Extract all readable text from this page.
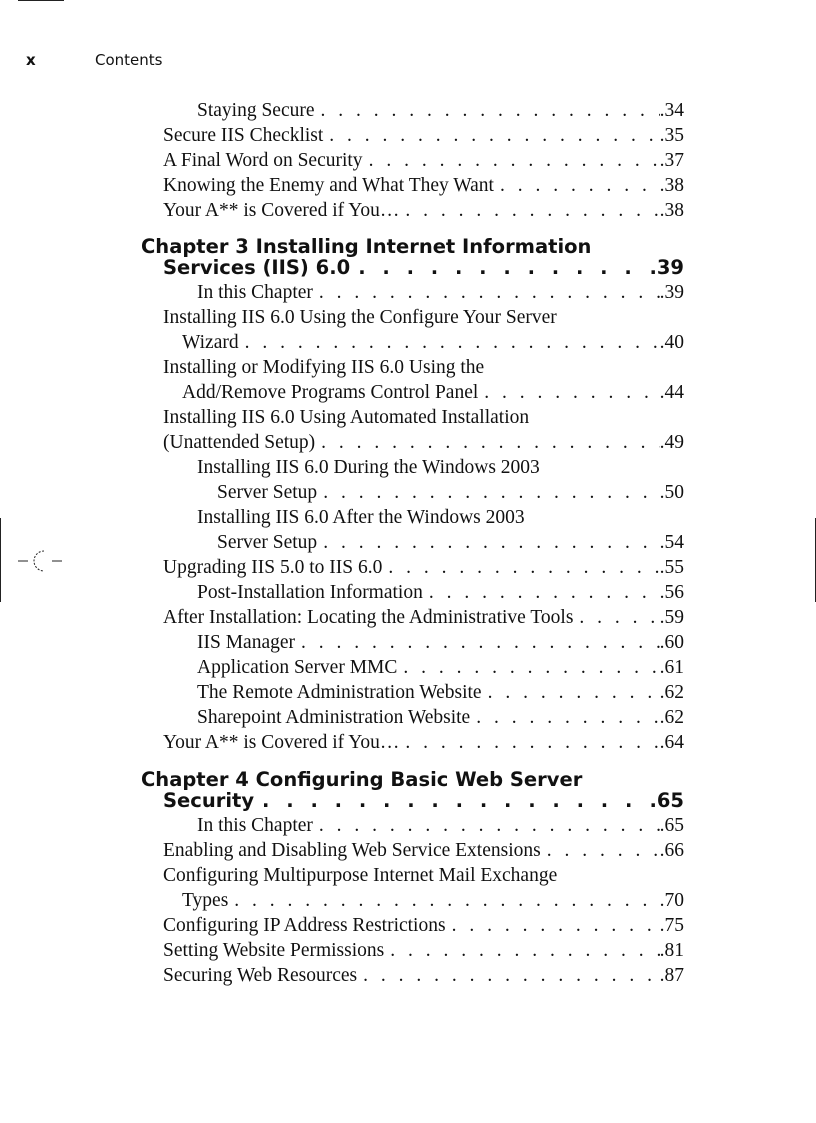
x	Contents
Staying Secure . . .	.34
Secure IIS Checklist . . .	.35
A Final Word on Security . . .	.37
Knowing the Enemy and What They Want . . .	.38
Your A** is Covered if You… . . .	.38
Chapter 3 Installing Internet Information
Services (IIS) 6.0 . . .	.39
In this Chapter . . .	.39
Installing IIS 6.0 Using the Configure Your Server
Wizard . . .	.40
Installing or Modifying IIS 6.0 Using the
Add/Remove Programs Control Panel . . .	.44
Installing IIS 6.0 Using Automated Installation
(Unattended Setup) . . .	.49
Installing IIS 6.0 During the Windows 2003
Server Setup . . .	.50
Installing IIS 6.0 After the Windows 2003
Server Setup . . .	.54
Upgrading IIS 5.0 to IIS 6.0 . . .	.55
Post-Installation Information . . .	.56
After Installation: Locating the Administrative Tools . . .	.59
IIS Manager . . .	.60
Application Server MMC . . .	.61
The Remote Administration Website . . .	.62
Sharepoint Administration Website . . .	.62
Your A** is Covered if You… . . .	.64
Chapter 4 Configuring Basic Web Server
Security . . .	.65
In this Chapter . . .	.65
Enabling and Disabling Web Service Extensions . . .	.66
Configuring Multipurpose Internet Mail Exchange
Types . . .	.70
Configuring IP Address Restrictions . . .	.75
Setting Website Permissions . . .	.81
Securing Web Resources . . .	.87
